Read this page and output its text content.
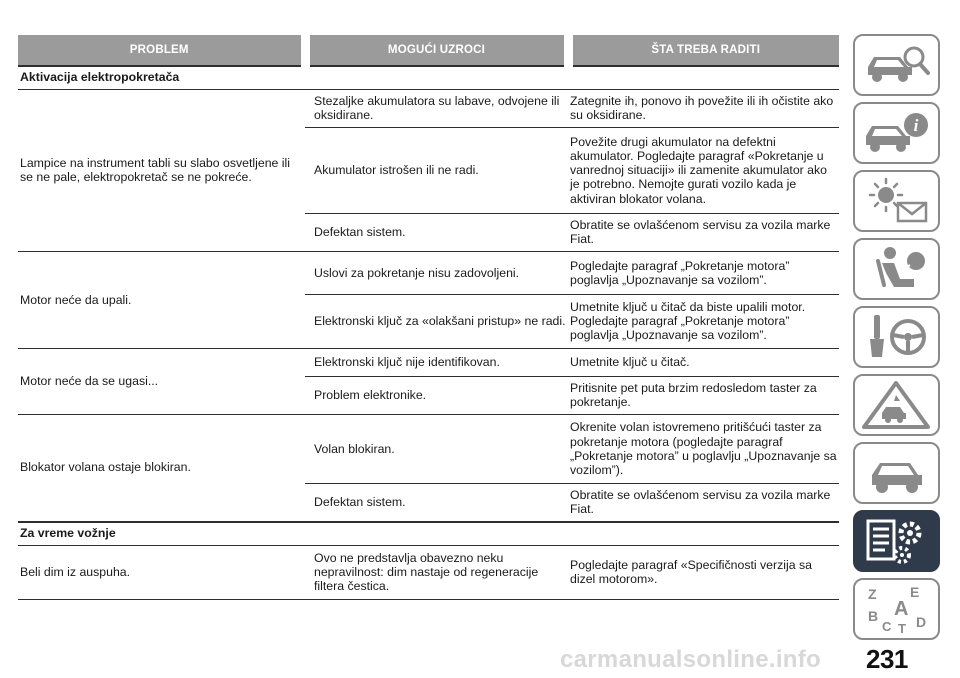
PROBLEM	MOGUĆI UZROCI	ŠTA TREBA RADITI
Aktivacija elektropokretača		
Lampice na instrument tabli su slabo osvetljene ili se ne pale, elektropokretač se ne pokreće.	Stezaljke akumulatora su labave, odvojene ili oksidirane.	Zategnite ih, ponovo ih povežite ili ih očistite ako su oksidirane.
	Akumulator istrošen ili ne radi.	Povežite drugi akumulator na defektni akumulator. Pogledajte paragraf «Pokretanje u vanrednoj situaciji» ili zamenite akumulator ako je potrebno. Nemojte gurati vozilo kada je aktiviran blokator volana.
	Defektan sistem.	Obratite se ovlašćenom servisu za vozila marke Fiat.
Motor neće da upali.	Uslovi za pokretanje nisu zadovoljeni.	Pogledajte paragraf „Pokretanje motora” poglavlja „Upoznavanje sa vozilom”.
	Elektronski ključ za «olakšani pristup» ne radi.	Umetnite ključ u čitač da biste upalili motor. Pogledajte paragraf „Pokretanje motora” poglavlja „Upoznavanje sa vozilom”.
Motor neće da se ugasi...	Elektronski ključ nije identifikovan.	Umetnite ključ u čitač.
	Problem elektronike.	Pritisnite pet puta brzim redosledom taster za pokretanje.
Blokator volana ostaje blokiran.	Volan blokiran.	Okrenite volan istovremeno pritišćući taster za pokretanje motora (pogledajte paragraf „Pokretanje motora” u poglavlju „Upoznavanje sa vozilom”).
	Defektan sistem.	Obratite se ovlašćenom servisu za vozila marke Fiat.
Za vreme vožnje		
Beli dim iz auspuha.	Ovo ne predstavlja obavezno neku nepravilnost: dim nastaje od regeneracije filtera čestica.	Pogledajte paragraf «Specifičnosti verzija sa dizel motorom».
i
Z E
A
B
C T D
carmanualsonline.info 231
